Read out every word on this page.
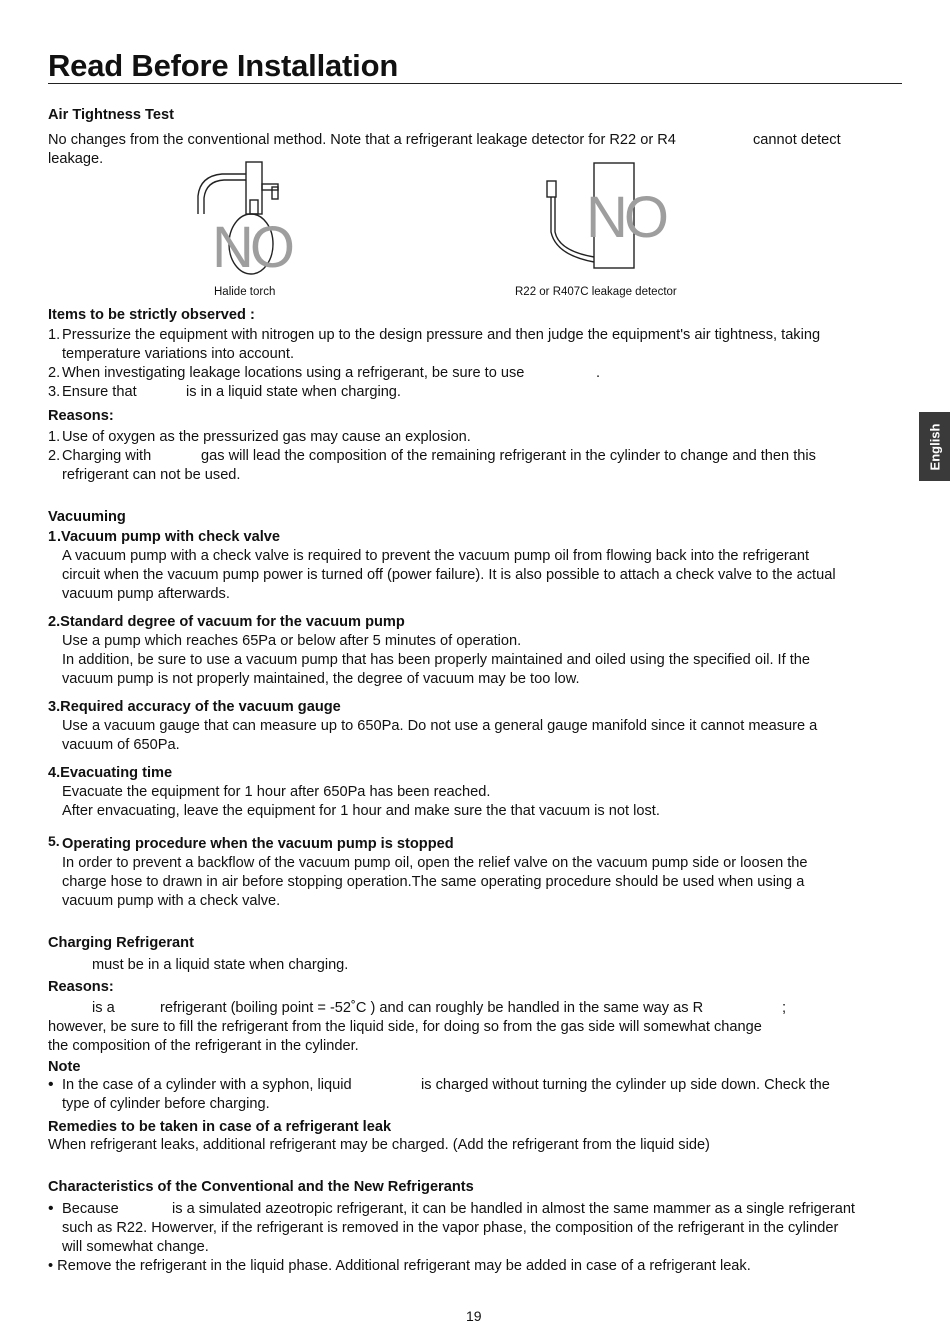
Read Before Installation
English
Air Tightness Test
No changes from the conventional method. Note that a refrigerant leakage detector for R22 or R4	cannot detect
leakage.
NO
Halide torch
NO
R22 or R407C leakage detector
Items to be strictly observed :
1. Pressurize the equipment with nitrogen up to the design pressure and then judge the equipment's air tightness, taking
temperature variations into account.
2. When investigating leakage locations using a refrigerant, be sure to use	.
3. Ensure that	is in a liquid state when charging.
Reasons:
1. Use of oxygen as the pressurized gas may cause an explosion.
2. Charging with	gas will lead the composition of the remaining refrigerant in the cylinder to change and then this
refrigerant can not be used.
Vacuuming
1 .Vacuum pump with check valve
A vacuum pump with a check valve is required to prevent the vacuum pump oil from flowing back into the refrigerant
circuit when the vacuum pump power is turned off (power failure). It is also possible to attach a check valve to the actual
vacuum pump afterwards.
2.Standard degree of vacuum for the vacuum pump
Use a pump which reaches 65Pa or below after 5 minutes of operation.
In addition, be sure to use a vacuum pump that has been properly maintained and oiled using the specified oil. If the
vacuum pump is not properly maintained, the degree of vacuum may be too low.
3.Required accuracy of the vacuum gauge
Use a vacuum gauge that can measure up to 650Pa. Do not use a general gauge manifold since it cannot measure a
vacuum of 650Pa.
4.Evacuating time
Evacuate the equipment for 1 hour after 650Pa has been reached.
After envacuating, leave the equipment for 1 hour and make sure the that vacuum is not lost.
5. Operating procedure when the vacuum pump is stopped
In order to prevent a backflow of the vacuum pump oil, open the relief valve on the vacuum pump side or loosen the
charge hose to drawn in air before stopping operation.The same operating procedure should be used when using a
vacuum pump with a check valve.
Charging Refrigerant
must be in a liquid state when charging.
Reasons:
is a	refrigerant (boiling point = -52˚C ) and can roughly be handled in the same way as R	;
however, be sure to fill the refrigerant from the liquid side, for doing so from the gas side will somewhat change
the composition of the refrigerant in the cylinder.
Note
• In the case of a cylinder with a syphon, liquid	is charged without turning the cylinder up side down. Check the
type of cylinder before charging.
Remedies to be taken in case of a refrigerant leak
When refrigerant leaks, additional refrigerant may be charged. (Add the refrigerant from the liquid side)
Characteristics of the Conventional and the New Refrigerants
• Because	is a simulated azeotropic refrigerant, it can be handled in almost the same mammer as a single refrigerant
such as R22. Howerver, if the refrigerant is removed in the vapor phase, the composition of the refrigerant in the cylinder
will somewhat change.
• Remove the refrigerant in the liquid phase. Additional refrigerant may be added in case of a refrigerant leak.
19
